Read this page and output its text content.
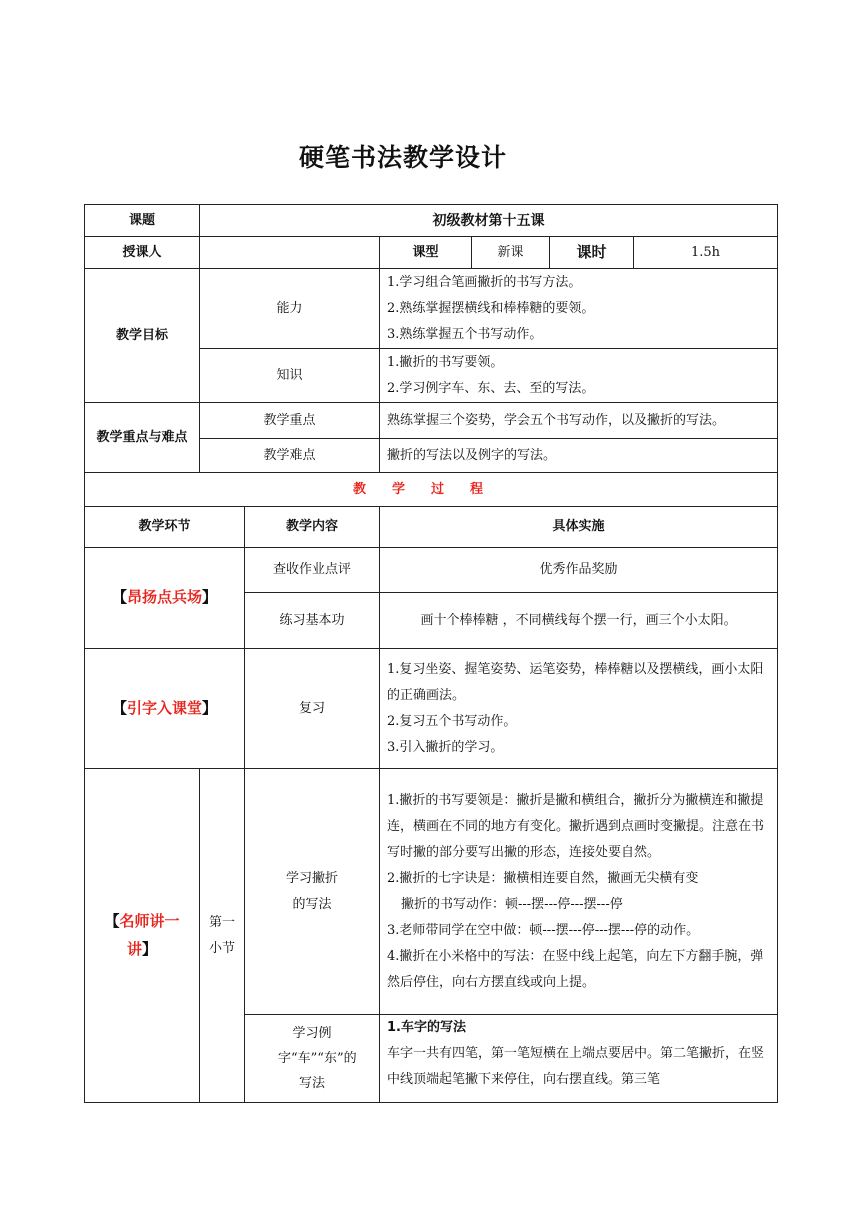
硬笔书法教学设计
课题	初级教材第十五课				
授课人			课型	新课	课时 1.5h

教学目标	能力		1.学习组合笔画撇折的书写方法。
2.熟练掌握摆横线和棒棒糖的要领。
3.熟练掌握五个书写动作。		

	知识		1.撇折的书写要领。
2.学习例字车、东、去、至的写法。		

教学重点与难点	教学重点		熟练掌握三个姿势，学会五个书写动作，以及撇折的写法。		
	教学难点		撇折的写法以及例字的写法。		
教学过程					
教学环节		教学内容	具体实施		
【昂扬点兵场】		查收作业点评	优秀作品奖励		
		练习基本功	画十个棒棒糖 ，不同横线每个摆一行，画三个小太阳。		
【引字入课堂】		复习	1.复习坐姿、握笔姿势、运笔姿势，棒棒糖以及摆横线，画小太阳的正确画法。
2.复习五个书写动作。
3.引入撇折的学习。		

【名师讲一讲】	第一小节	学习撇折的写法	1.撇折的书写要领是：撇折是撇和横组合，撇折分为撇横连和撇提连，横画在不同的地方有变化。撇折遇到点画时变撇提。注意在书写时撇的部分要写出撇的形态，连接处要自然。
2.撇折的七字诀是：撇横相连要自然，撇画无尖横有变
撇折的书写动作：顿---摆---停---摆---停
3.老师带同学在空中做：顿---摆---停---摆---停的动作。
4.撇折在小米格中的写法：在竖中线上起笔，向左下方翻手腕，弹然后停住，向右方摆直线或向上提。		

		学习例字“车”“东”的写法	1.车字的写法
车字一共有四笔，第一笔短横在上端点要居中。第二笔撇折，在竖中线顶端起笔撇下来停住，向右摆直线。第三笔		
